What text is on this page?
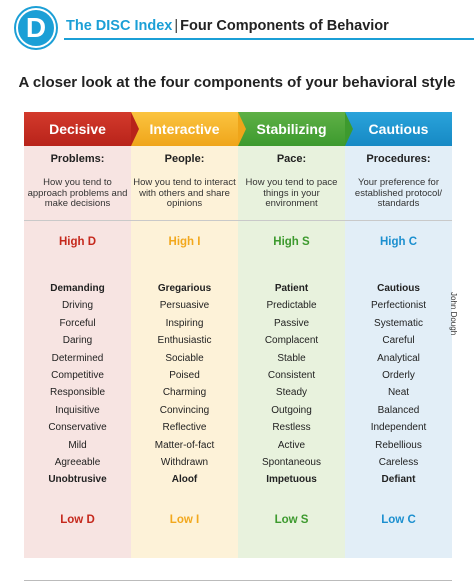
D	The DISC Index | Four Components of Behavior
A closer look at the four components of your behavioral style
Decisive
Problems:
How you tend to approach problems and make decisions
High D
Demanding
Driving
Forceful
Daring
Determined
Competitive
Responsible
Inquisitive
Conservative
Mild
Agreeable
Unobtrusive
Low D
Interactive
People:
How you tend to interact with others and share opinions
High I
Gregarious
Persuasive
Inspiring
Enthusiastic
Sociable
Poised
Charming
Convincing
Reflective
Matter-of-fact
Withdrawn
Aloof
Low I
Stabilizing
Pace:
How you tend to pace things in your environment
High S
Patient
Predictable
Passive
Complacent
Stable
Consistent
Steady
Outgoing
Restless
Active
Spontaneous
Impetuous
Low S
Cautious
Procedures:
Your preference for established protocol/ standards
High C
Cautious
Perfectionist
Systematic
Careful
Analytical
Orderly
Neat
Balanced
Independent
Rebellious
Careless
Defiant
Low C
John Dough
